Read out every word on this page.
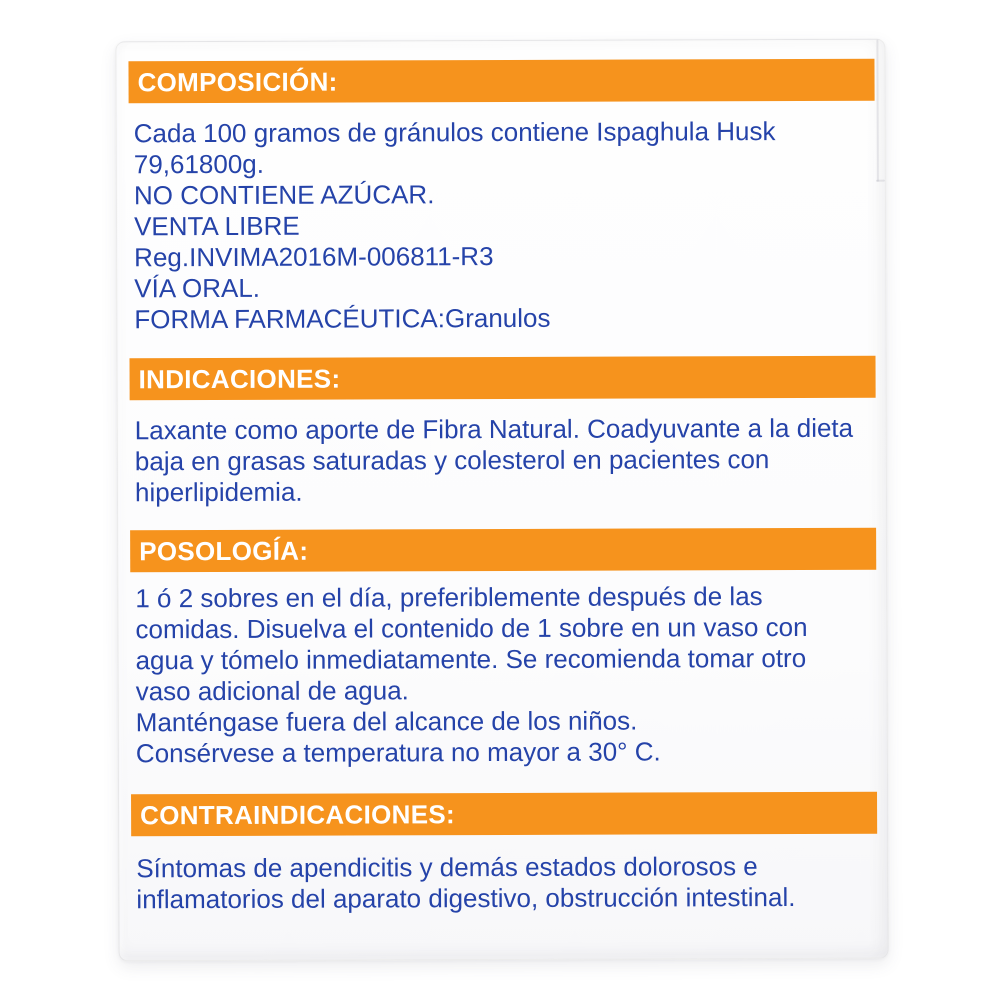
COMPOSICIÓN:
Cada 100 gramos de gránulos contiene Ispaghula Husk
79,61800g.
NO CONTIENE AZÚCAR.
VENTA LIBRE
Reg.INVIMA2016M-006811-R3
VÍA ORAL.
FORMA FARMACÉUTICA:Granulos
INDICACIONES:
Laxante como aporte de Fibra Natural. Coadyuvante a la dieta
baja en grasas saturadas y colesterol en pacientes con
hiperlipidemia.
POSOLOGÍA:
1 ó 2 sobres en el día, preferiblemente después de las
comidas. Disuelva el contenido de 1 sobre en un vaso con
agua y tómelo inmediatamente. Se recomienda tomar otro
vaso adicional de agua.
Manténgase fuera del alcance de los niños.
Consérvese a temperatura no mayor a 30° C.
CONTRAINDICACIONES:
Síntomas de apendicitis y demás estados dolorosos e
inflamatorios del aparato digestivo, obstrucción intestinal.
